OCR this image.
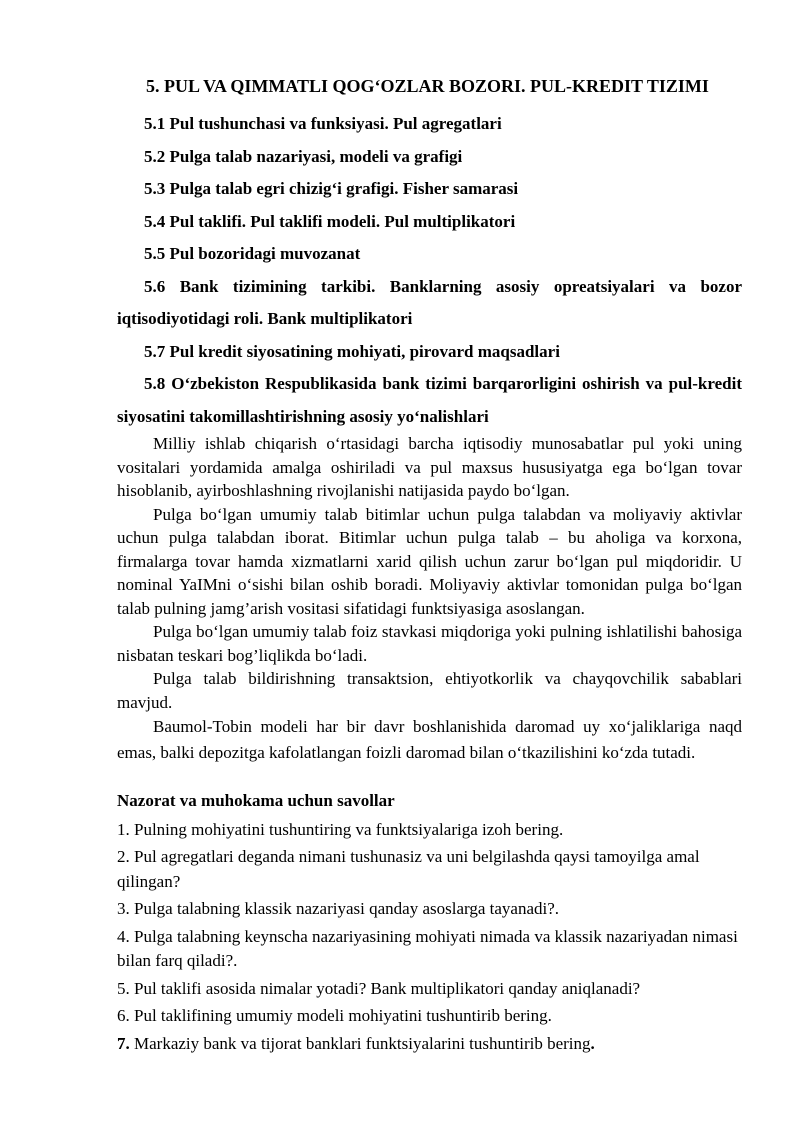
5. PUL VA QIMMATLI QOGʻOZLAR BOZORI. PUL-KREDIT TIZIMI
5.1 Pul tushunchasi va funksiyasi. Pul agregatlari
5.2 Pulga talab nazariyasi, modeli va grafigi
5.3 Pulga talab egri chizigʻi grafigi. Fisher samarasi
5.4 Pul taklifi. Pul taklifi modeli. Pul multiplikatori
5.5 Pul bozoridagi muvozanat
5.6 Bank tizimining tarkibi. Banklarning asosiy opreatsiyalari va bozor iqtisodiyotidagi roli. Bank multiplikatori
5.7 Pul kredit siyosatining mohiyati, pirovard maqsadlari
5.8 Oʻzbekiston Respublikasida bank tizimi barqarorligini oshirish va pul-kredit siyosatini takomillashtirishning asosiy yoʻnalishlari

Milliy ishlab chiqarish oʻrtasidagi barcha iqtisodiy munosabatlar pul yoki uning vositalari yordamida amalga oshiriladi va pul maxsus hususiyatga ega boʻlgan tovar hisoblanib, ayirboshlashning rivojlanishi natijasida paydo boʻlgan.

Pulga boʻlgan umumiy talab bitimlar uchun pulga talabdan va moliyaviy aktivlar uchun pulga talabdan iborat. Bitimlar uchun pulga talab – bu aholiga va korxona, firmalarga tovar hamda xizmatlarni xarid qilish uchun zarur boʻlgan pul miqdoridir. U nominal YaIMni oʻsishi bilan oshib boradi. Moliyaviy aktivlar tomonidan pulga boʻlgan talab pulning jamg’arish vositasi sifatidagi funktsiyasiga asoslangan.

Pulga boʻlgan umumiy talab foiz stavkasi miqdoriga yoki pulning ishlatilishi bahosiga nisbatan teskari bog’liqlikda boʻladi.

Pulga talab bildirishning transaktsion, ehtiyotkorlik va chayqovchilik sabablari mavjud.

Baumol-Tobin modeli har bir davr boshlanishida daromad uy xoʻjaliklariga naqd emas, balki depozitga kafolatlangan foizli daromad bilan oʻtkazilishini koʻzda tutadi.

Nazorat va muhokama uchun savollar
1. Pulning mohiyatini tushuntiring va funktsiyalariga izoh bering.
2. Pul agregatlari deganda nimani tushunasiz va uni belgilashda qaysi tamoyilga amal qilingan?
3. Pulga talabning klassik nazariyasi qanday asoslarga tayanadi?.
4. Pulga talabning keynscha nazariyasining mohiyati nimada va klassik nazariyadan nimasi bilan farq qiladi?.
5. Pul taklifi asosida nimalar yotadi? Bank multiplikatori qanday aniqlanadi?
6. Pul taklifining umumiy modeli mohiyatini tushuntirib bering.
7. Markaziy bank va tijorat banklari funktsiyalarini tushuntirib bering.
